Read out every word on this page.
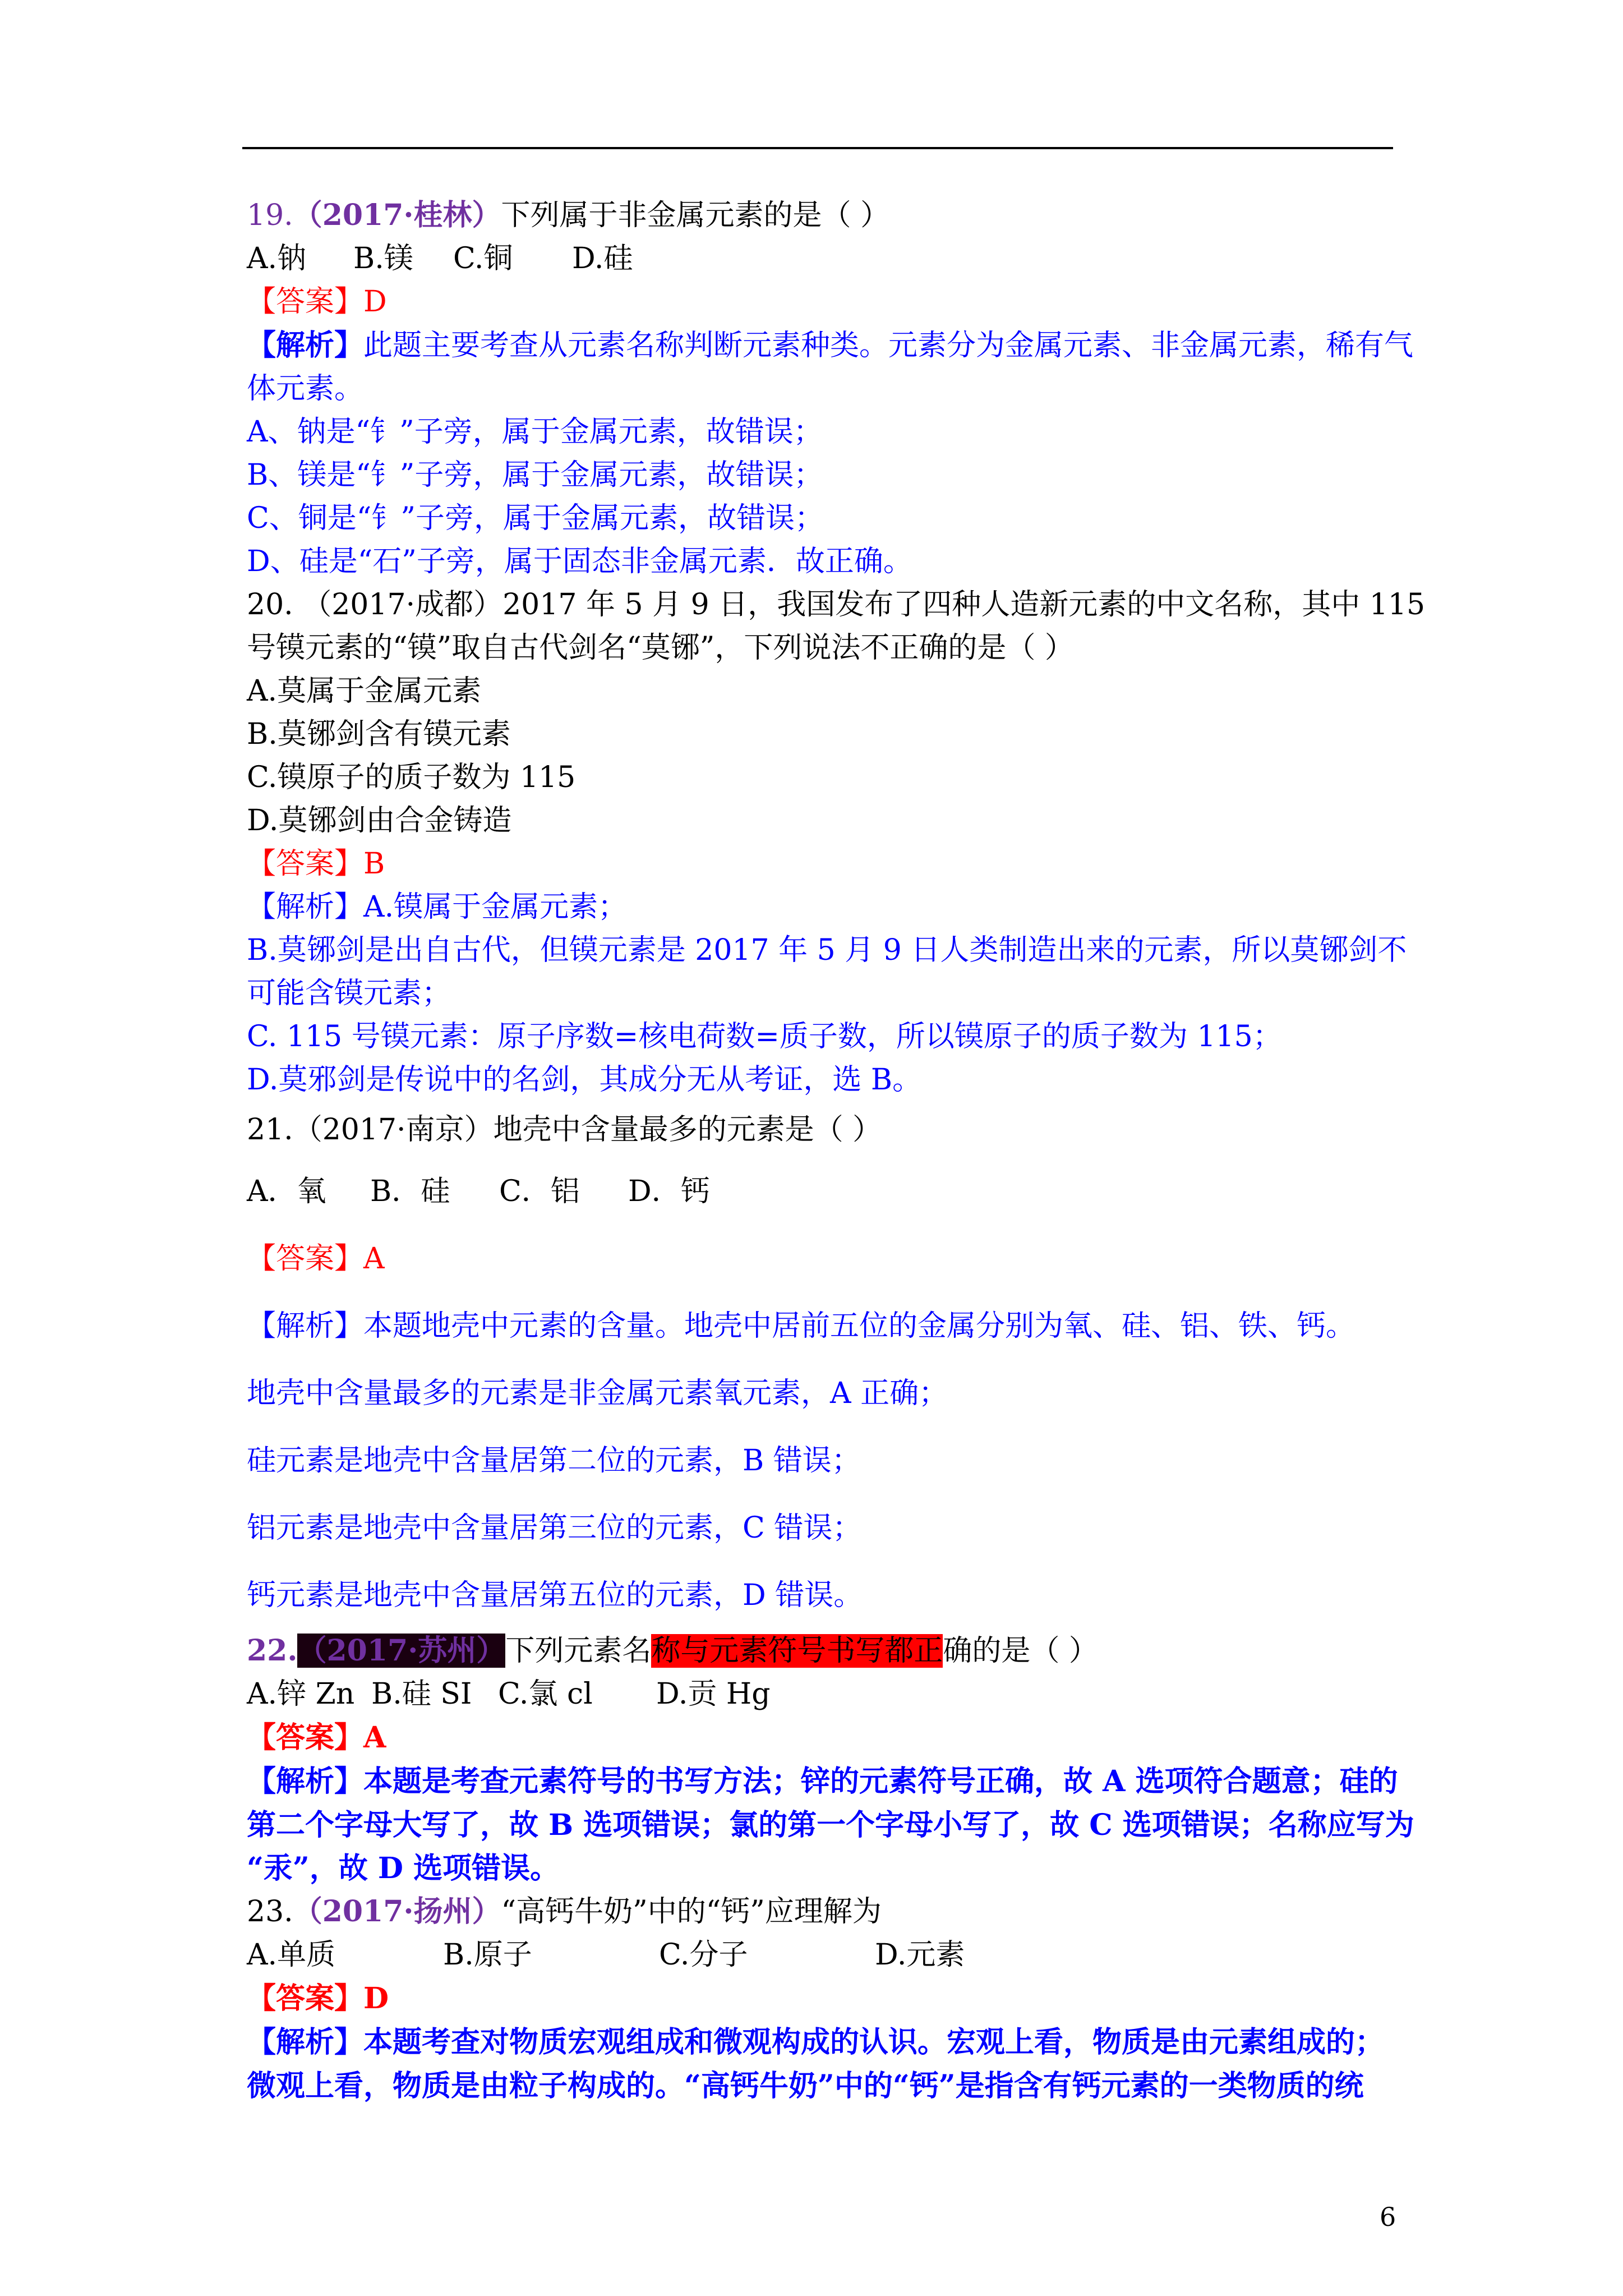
19.（2017·桂林）下列属于非金属元素的是（ ）
A.钠 B.镁 C.铜 D.硅
【答案】D
【解析】此题主要考查从元素名称判断元素种类。元素分为金属元素、非金属元素，稀有气
体元素。
A、钠是“钅”子旁，属于金属元素，故错误；
B、镁是“钅”子旁，属于金属元素，故错误；
C、铜是“钅”子旁，属于金属元素，故错误；
D、硅是“石”子旁，属于固态非金属元素．故正确。
20. （2017·成都）2017 年 5 月 9 日，我国发布了四种人造新元素的中文名称，其中 115
号镆元素的“镆”取自古代剑名“莫铘”，下列说法不正确的是（ ）
A.莫属于金属元素
B.莫铘剑含有镆元素
C.镆原子的质子数为 115
D.莫铘剑由合金铸造
【答案】B
【解析】A.镆属于金属元素；
B.莫铘剑是出自古代，但镆元素是 2017 年 5 月 9 日人类制造出来的元素，所以莫铘剑不
可能含镆元素；
C. 115 号镆元素：原子序数=核电荷数=质子数，所以镆原子的质子数为 115；
D.莫邪剑是传说中的名剑，其成分无从考证，选 B。
21.（2017·南京）地壳中含量最多的元素是（ ）
A．氧 B．硅 C．铝 D．钙
【答案】A
【解析】本题地壳中元素的含量。地壳中居前五位的金属分别为氧、硅、铝、铁、钙。
地壳中含量最多的元素是非金属元素氧元素，A 正确；
硅元素是地壳中含量居第二位的元素，B 错误；
铝元素是地壳中含量居第三位的元素，C 错误；
钙元素是地壳中含量居第五位的元素，D 错误。
22.（2017·苏州）下列元素名称与元素符号书写都正确的是（ ）
A.锌 Zn B.硅 SI C.氯 cl D.贡 Hg
【答案】A
【解析】本题是考查元素符号的书写方法；锌的元素符号正确，故 A 选项符合题意；硅的
第二个字母大写了，故 B 选项错误；氯的第一个字母小写了，故 C 选项错误；名称应写为
“汞”，故 D 选项错误。
23.（2017·扬州）“高钙牛奶”中的“钙”应理解为
A.单质	B.原子	C.分子	D.元素
【答案】D
【解析】本题考查对物质宏观组成和微观构成的认识。宏观上看，物质是由元素组成的；
微观上看，物质是由粒子构成的。“高钙牛奶”中的“钙”是指含有钙元素的一类物质的统
6
